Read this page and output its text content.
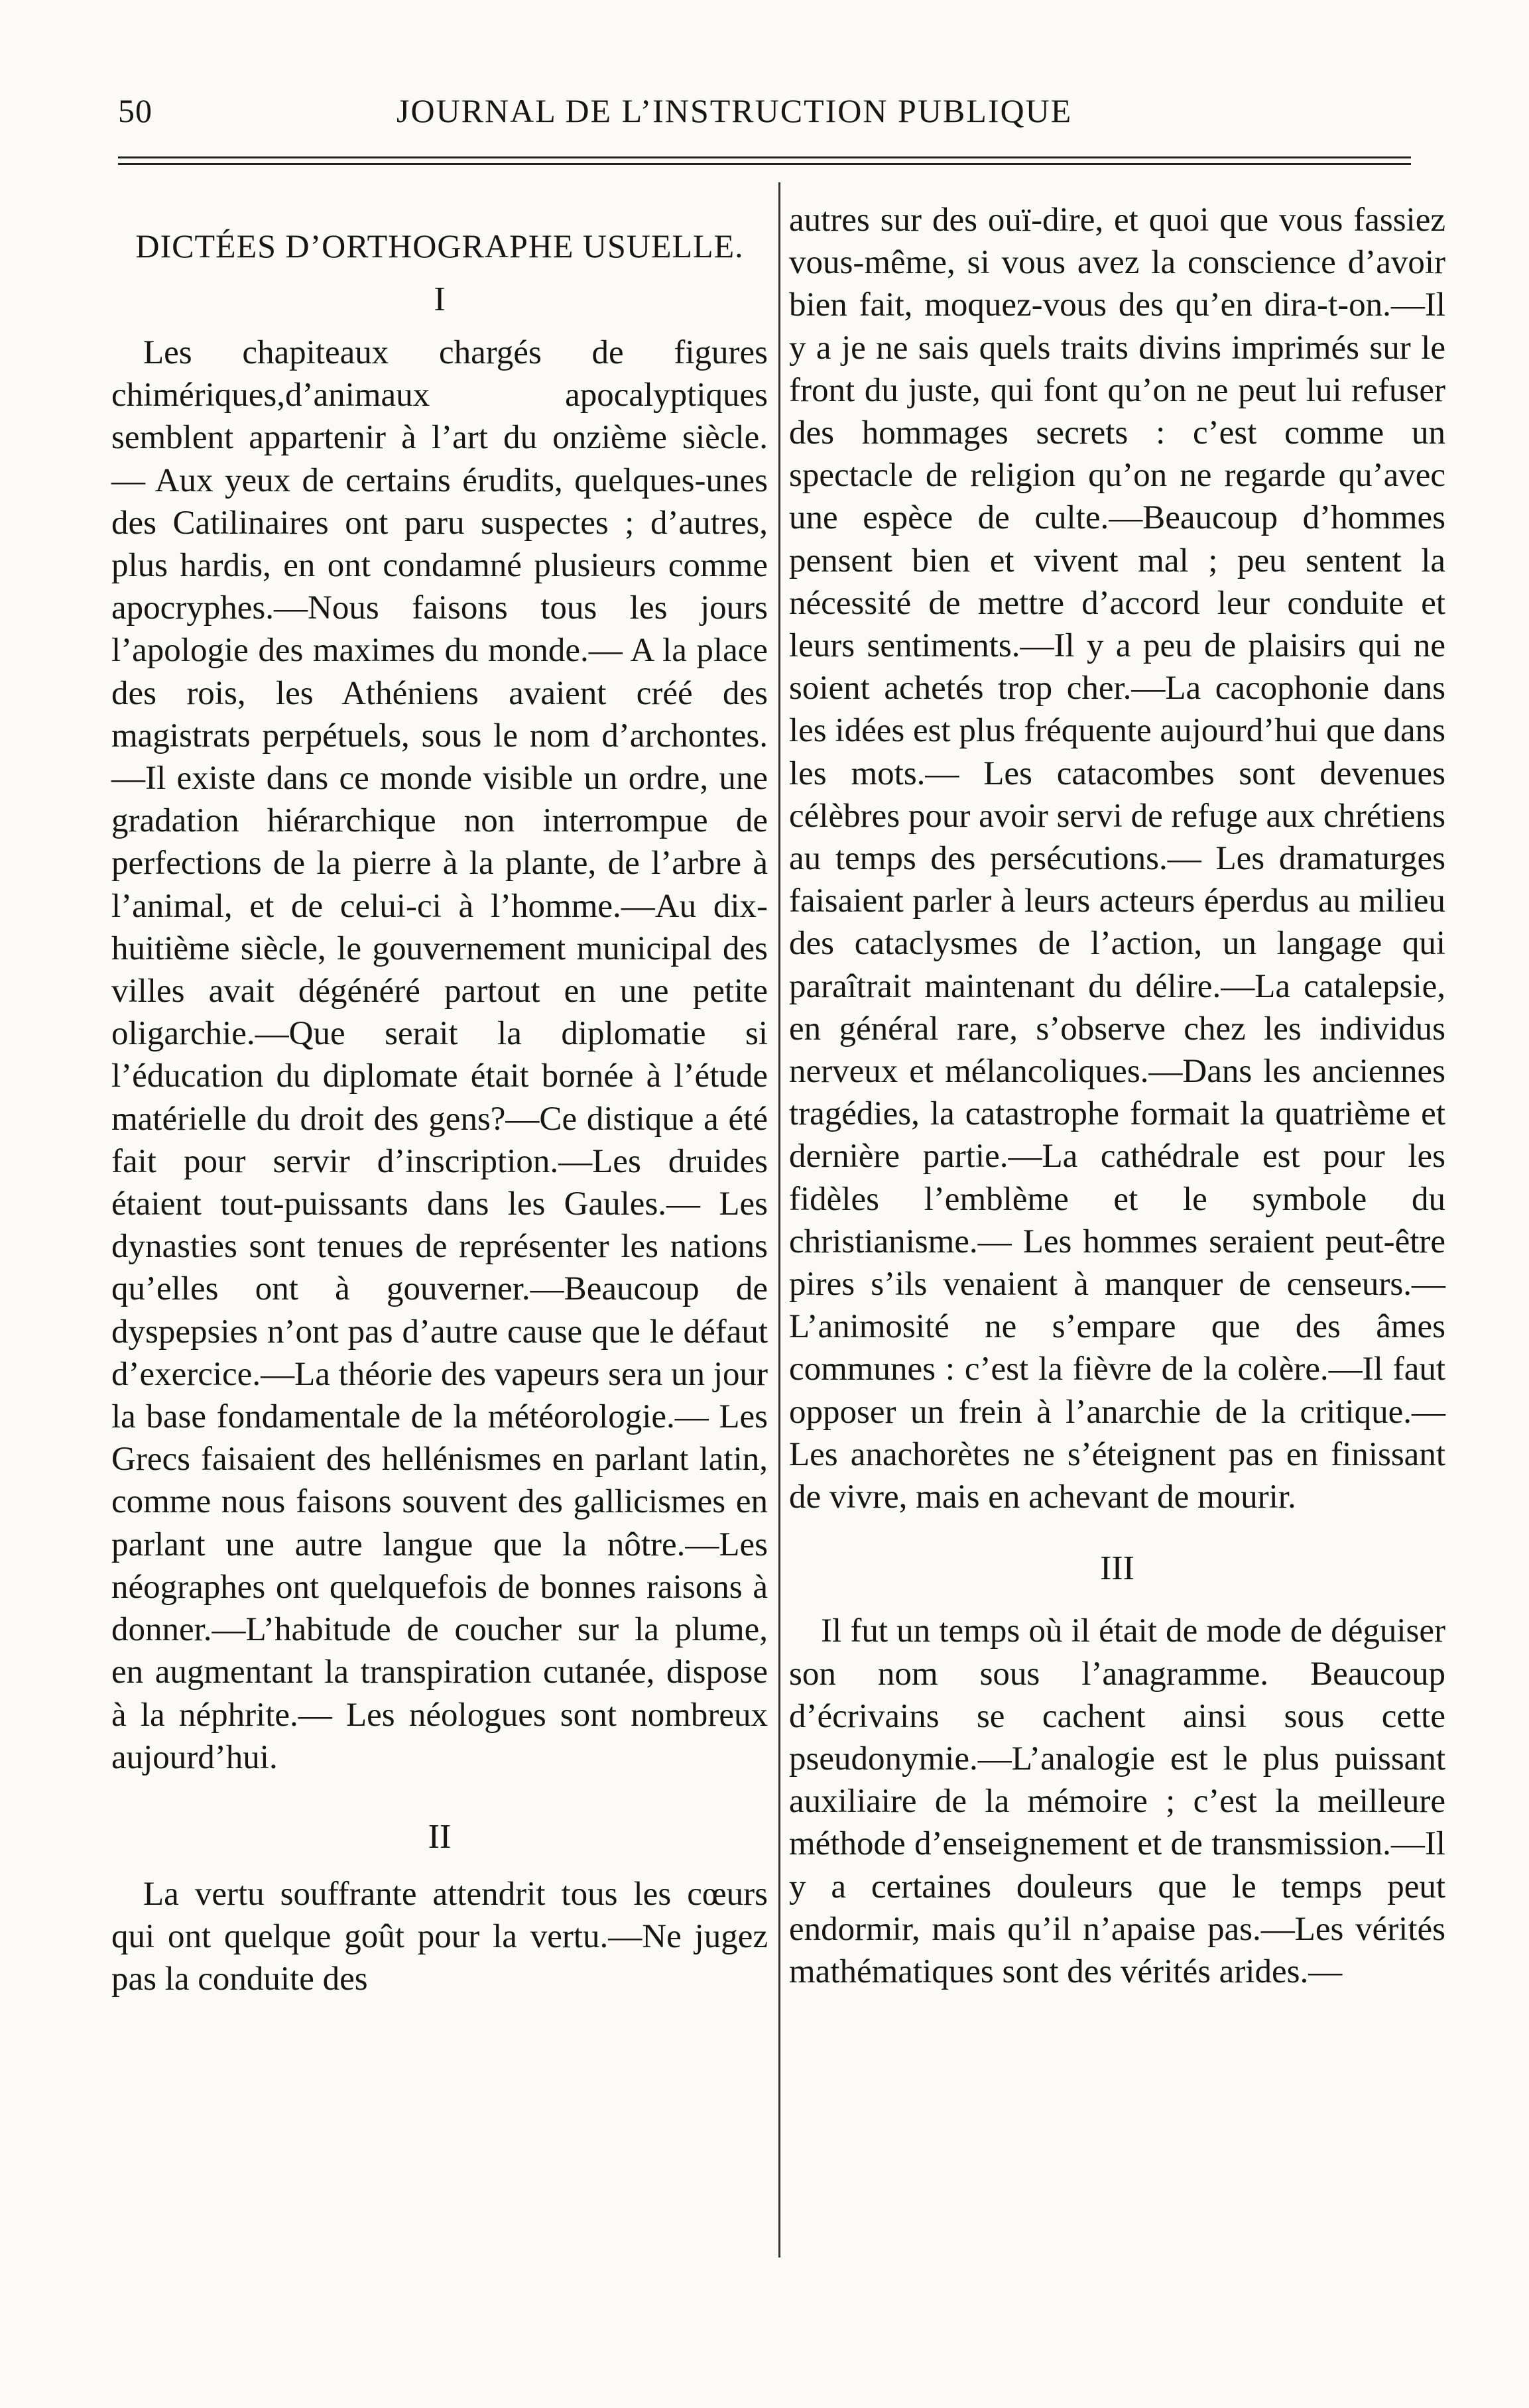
50	JOURNAL DE L’INSTRUCTION PUBLIQUE
DICTÉES D’ORTHOGRAPHE USUELLE.
I

Les chapiteaux chargés de figures chimériques,d’animaux apocalyptiques semblent appartenir à l’art du onzième siècle. — Aux yeux de certains érudits, quelques-unes des Catilinaires ont paru suspectes ; d’autres, plus hardis, en ont condamné plusieurs comme apocryphes.—Nous faisons tous les jours l’apologie des maximes du monde.— A la place des rois, les Athéniens avaient créé des magistrats perpétuels, sous le nom d’archontes.—Il existe dans ce monde visible un ordre, une gradation hiérarchique non interrompue de perfections de la pierre à la plante, de l’arbre à l’animal, et de celui-ci à l’homme.—Au dix-huitième siècle, le gouvernement municipal des villes avait dégénéré partout en une petite oligarchie.—Que serait la diplomatie si l’éducation du diplomate était bornée à l’étude matérielle du droit des gens?—Ce distique a été fait pour servir d’inscription.—Les druides étaient tout-puissants dans les Gaules.— Les dynasties sont tenues de représenter les nations qu’elles ont à gouverner.—Beaucoup de dyspepsies n’ont pas d’autre cause que le défaut d’exercice.—La théorie des vapeurs sera un jour la base fondamentale de la météorologie.— Les Grecs faisaient des hellénismes en parlant latin, comme nous faisons souvent des gallicismes en parlant une autre langue que la nôtre.—Les néographes ont quelquefois de bonnes raisons à donner.—L’habitude de coucher sur la plume, en augmentant la transpiration cutanée, dispose à la néphrite.— Les néologues sont nombreux aujourd’hui.

II

La vertu souffrante attendrit tous les cœurs qui ont quelque goût pour la vertu.—Ne jugez pas la conduite des

autres sur des ouï-dire, et quoi que vous fassiez vous-même, si vous avez la conscience d’avoir bien fait, moquez-vous des qu’en dira-t-on.—Il y a je ne sais quels traits divins imprimés sur le front du juste, qui font qu’on ne peut lui refuser des hommages secrets : c’est comme un spectacle de religion qu’on ne regarde qu’avec une espèce de culte.—Beaucoup d’hommes pensent bien et vivent mal ; peu sentent la nécessité de mettre d’accord leur conduite et leurs sentiments.—Il y a peu de plaisirs qui ne soient achetés trop cher.—La cacophonie dans les idées est plus fréquente aujourd’hui que dans les mots.— Les catacombes sont devenues célèbres pour avoir servi de refuge aux chrétiens au temps des persécutions.— Les dramaturges faisaient parler à leurs acteurs éperdus au milieu des cataclysmes de l’action, un langage qui paraîtrait maintenant du délire.—La catalepsie, en général rare, s’observe chez les individus nerveux et mélancoliques.—Dans les anciennes tragédies, la catastrophe formait la quatrième et dernière partie.—La cathédrale est pour les fidèles l’emblème et le symbole du christianisme.— Les hommes seraient peut-être pires s’ils venaient à manquer de censeurs.—L’animosité ne s’empare que des âmes communes : c’est la fièvre de la colère.—Il faut opposer un frein à l’anarchie de la critique.—Les anachorètes ne s’éteignent pas en finissant de vivre, mais en achevant de mourir.

III

Il fut un temps où il était de mode de déguiser son nom sous l’anagramme. Beaucoup d’écrivains se cachent ainsi sous cette pseudonymie.—L’analogie est le plus puissant auxiliaire de la mémoire ; c’est la meilleure méthode d’enseignement et de transmission.—Il y a certaines douleurs que le temps peut endormir, mais qu’il n’apaise pas.—Les vérités mathématiques sont des vérités arides.—
